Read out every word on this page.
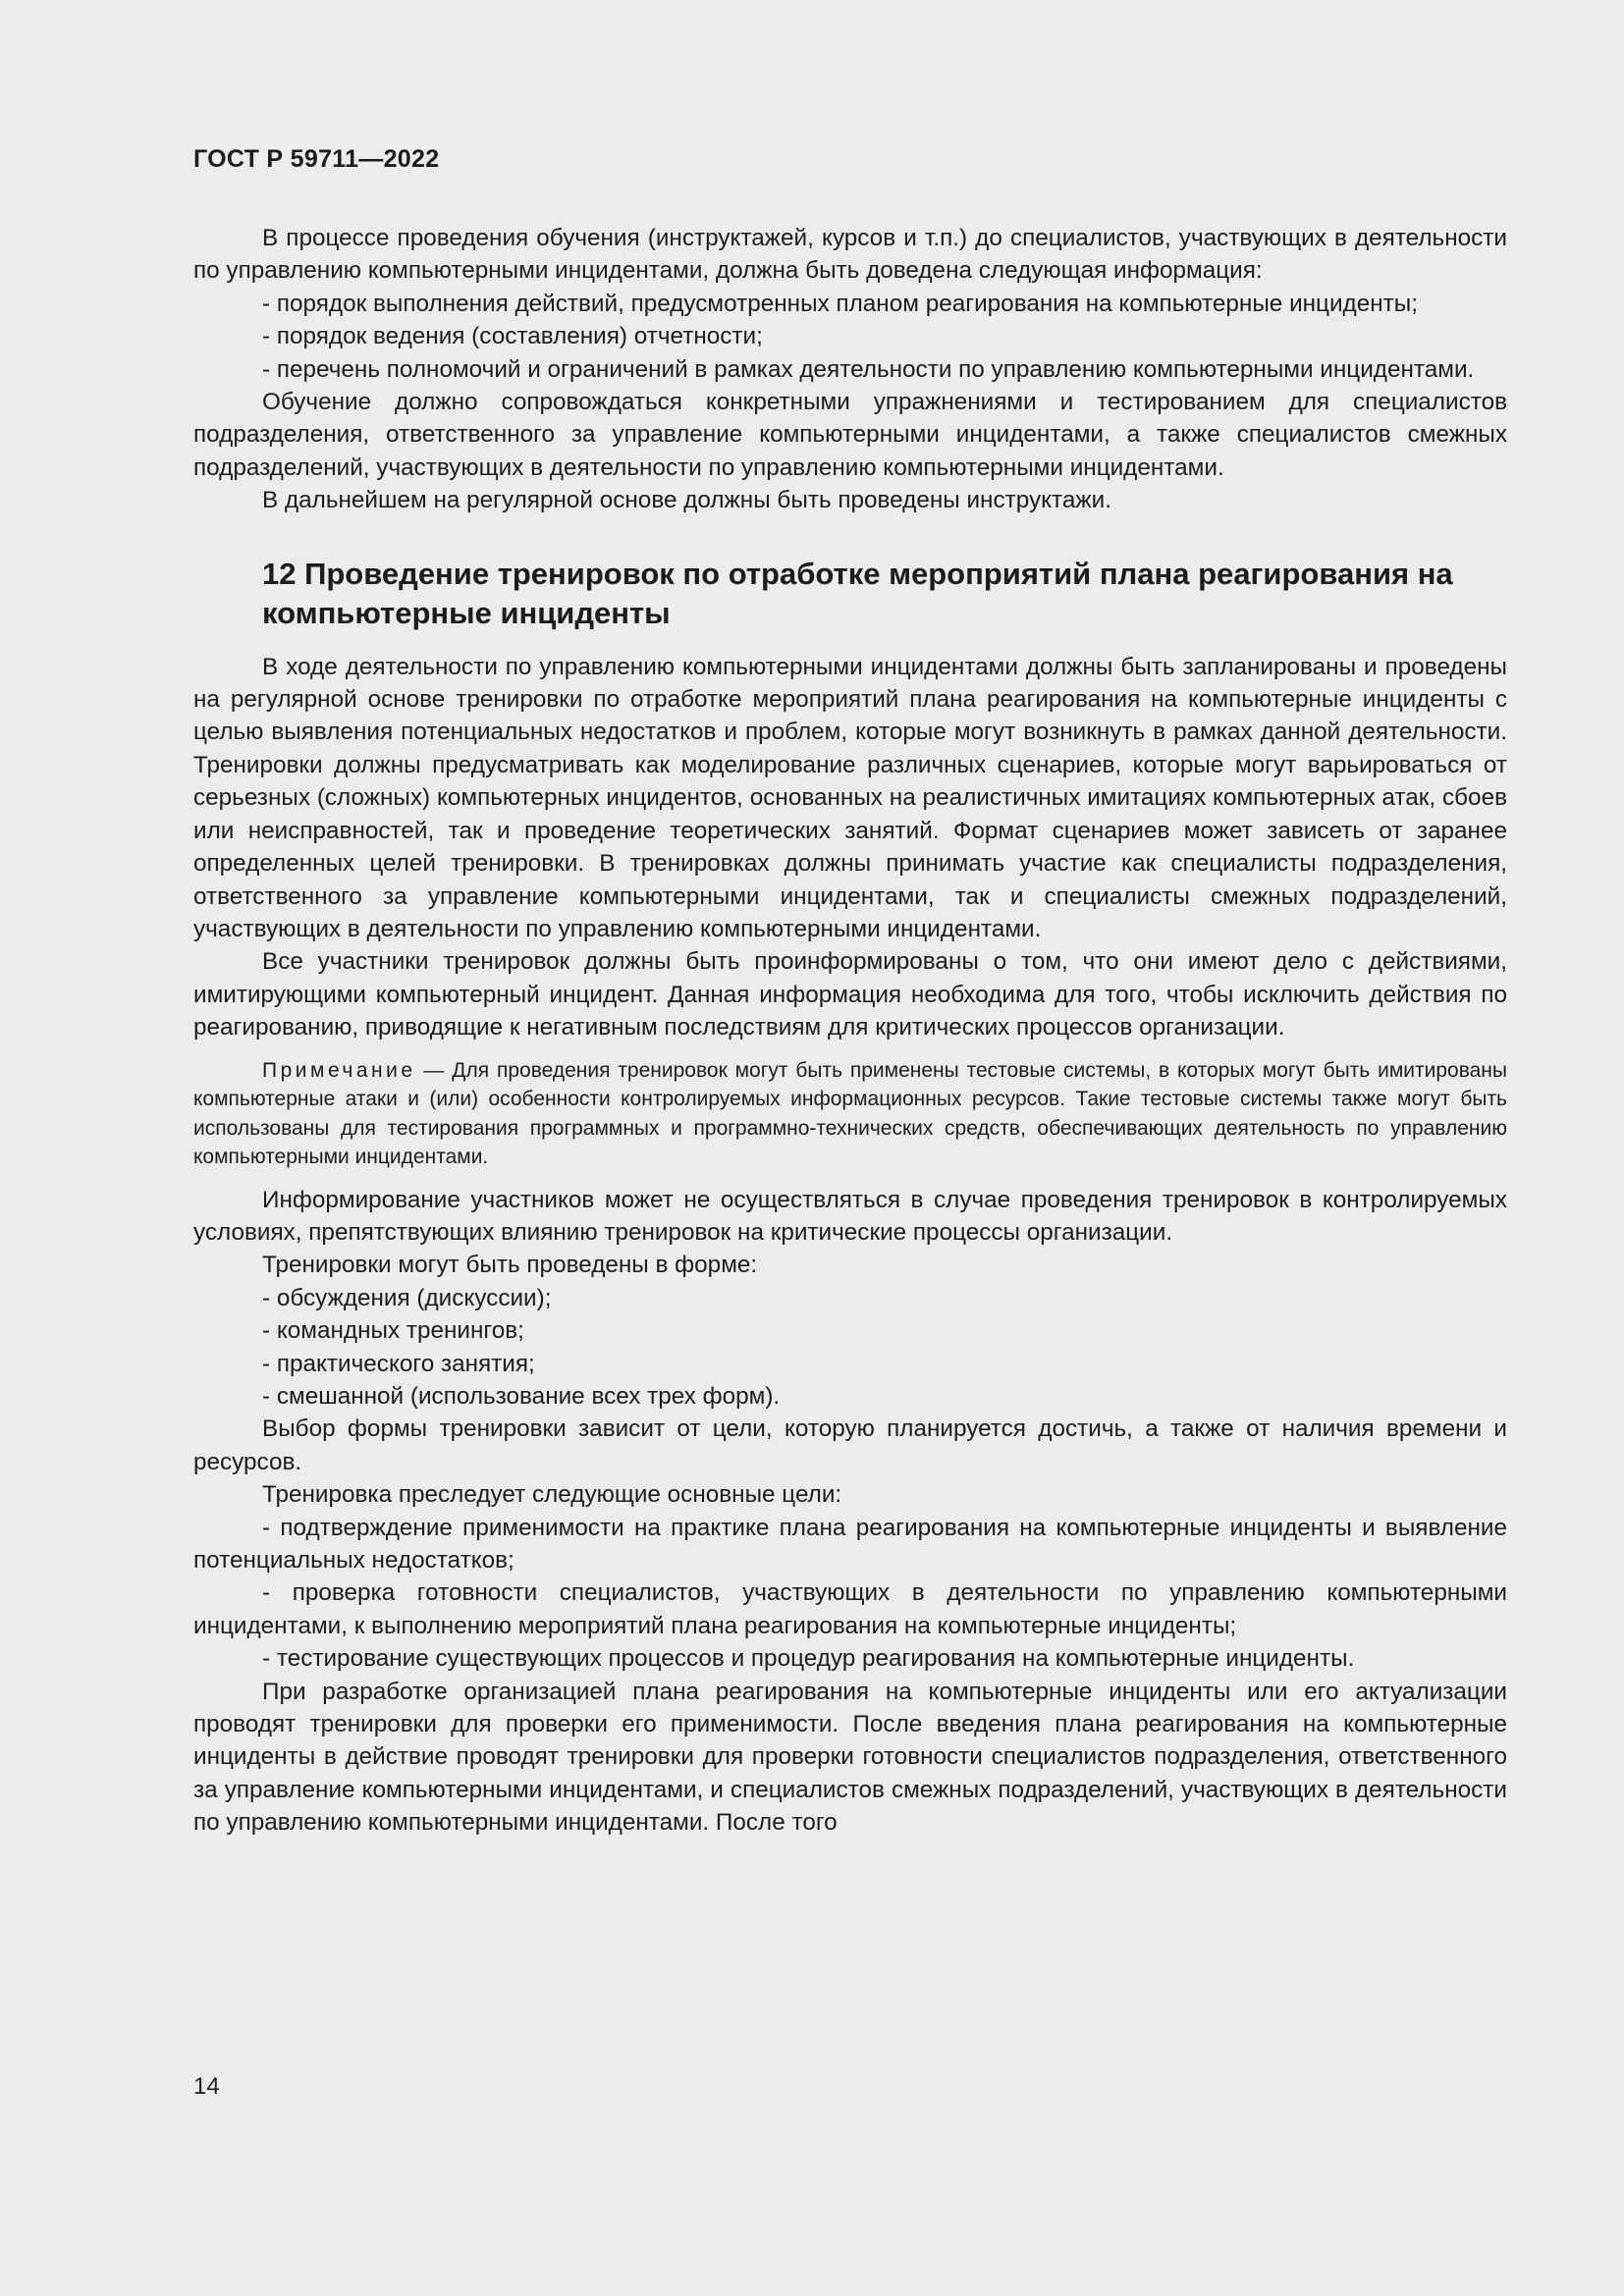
ГОСТ Р 59711—2022

В процессе проведения обучения (инструктажей, курсов и т.п.) до специалистов, участвующих в деятельности по управлению компьютерными инцидентами, должна быть доведена следующая информация:

- порядок выполнения действий, предусмотренных планом реагирования на компьютерные инциденты;

- порядок ведения (составления) отчетности;

- перечень полномочий и ограничений в рамках деятельности по управлению компьютерными инцидентами.

Обучение должно сопровождаться конкретными упражнениями и тестированием для специалистов подразделения, ответственного за управление компьютерными инцидентами, а также специалистов смежных подразделений, участвующих в деятельности по управлению компьютерными инцидентами.

В дальнейшем на регулярной основе должны быть проведены инструктажи.

12 Проведение тренировок по отработке мероприятий плана реагирования на компьютерные инциденты

В ходе деятельности по управлению компьютерными инцидентами должны быть запланированы и проведены на регулярной основе тренировки по отработке мероприятий плана реагирования на компьютерные инциденты с целью выявления потенциальных недостатков и проблем, которые могут возникнуть в рамках данной деятельности. Тренировки должны предусматривать как моделирование различных сценариев, которые могут варьироваться от серьезных (сложных) компьютерных инцидентов, основанных на реалистичных имитациях компьютерных атак, сбоев или неисправностей, так и проведение теоретических занятий. Формат сценариев может зависеть от заранее определенных целей тренировки. В тренировках должны принимать участие как специалисты подразделения, ответственного за управление компьютерными инцидентами, так и специалисты смежных подразделений, участвующих в деятельности по управлению компьютерными инцидентами.

Все участники тренировок должны быть проинформированы о том, что они имеют дело с действиями, имитирующими компьютерный инцидент. Данная информация необходима для того, чтобы исключить действия по реагированию, приводящие к негативным последствиям для критических процессов организации.

Примечание — Для проведения тренировок могут быть применены тестовые системы, в которых могут быть имитированы компьютерные атаки и (или) особенности контролируемых информационных ресурсов. Такие тестовые системы также могут быть использованы для тестирования программных и программно-технических средств, обеспечивающих деятельность по управлению компьютерными инцидентами.

Информирование участников может не осуществляться в случае проведения тренировок в контролируемых условиях, препятствующих влиянию тренировок на критические процессы организации.

Тренировки могут быть проведены в форме:

- обсуждения (дискуссии);

- командных тренингов;

- практического занятия;

- смешанной (использование всех трех форм).

Выбор формы тренировки зависит от цели, которую планируется достичь, а также от наличия времени и ресурсов.

Тренировка преследует следующие основные цели:

- подтверждение применимости на практике плана реагирования на компьютерные инциденты и выявление потенциальных недостатков;

- проверка готовности специалистов, участвующих в деятельности по управлению компьютерными инцидентами, к выполнению мероприятий плана реагирования на компьютерные инциденты;

- тестирование существующих процессов и процедур реагирования на компьютерные инциденты.

При разработке организацией плана реагирования на компьютерные инциденты или его актуализации проводят тренировки для проверки его применимости. После введения плана реагирования на компьютерные инциденты в действие проводят тренировки для проверки готовности специалистов подразделения, ответственного за управление компьютерными инцидентами, и специалистов смежных подразделений, участвующих в деятельности по управлению компьютерными инцидентами. После того

14
